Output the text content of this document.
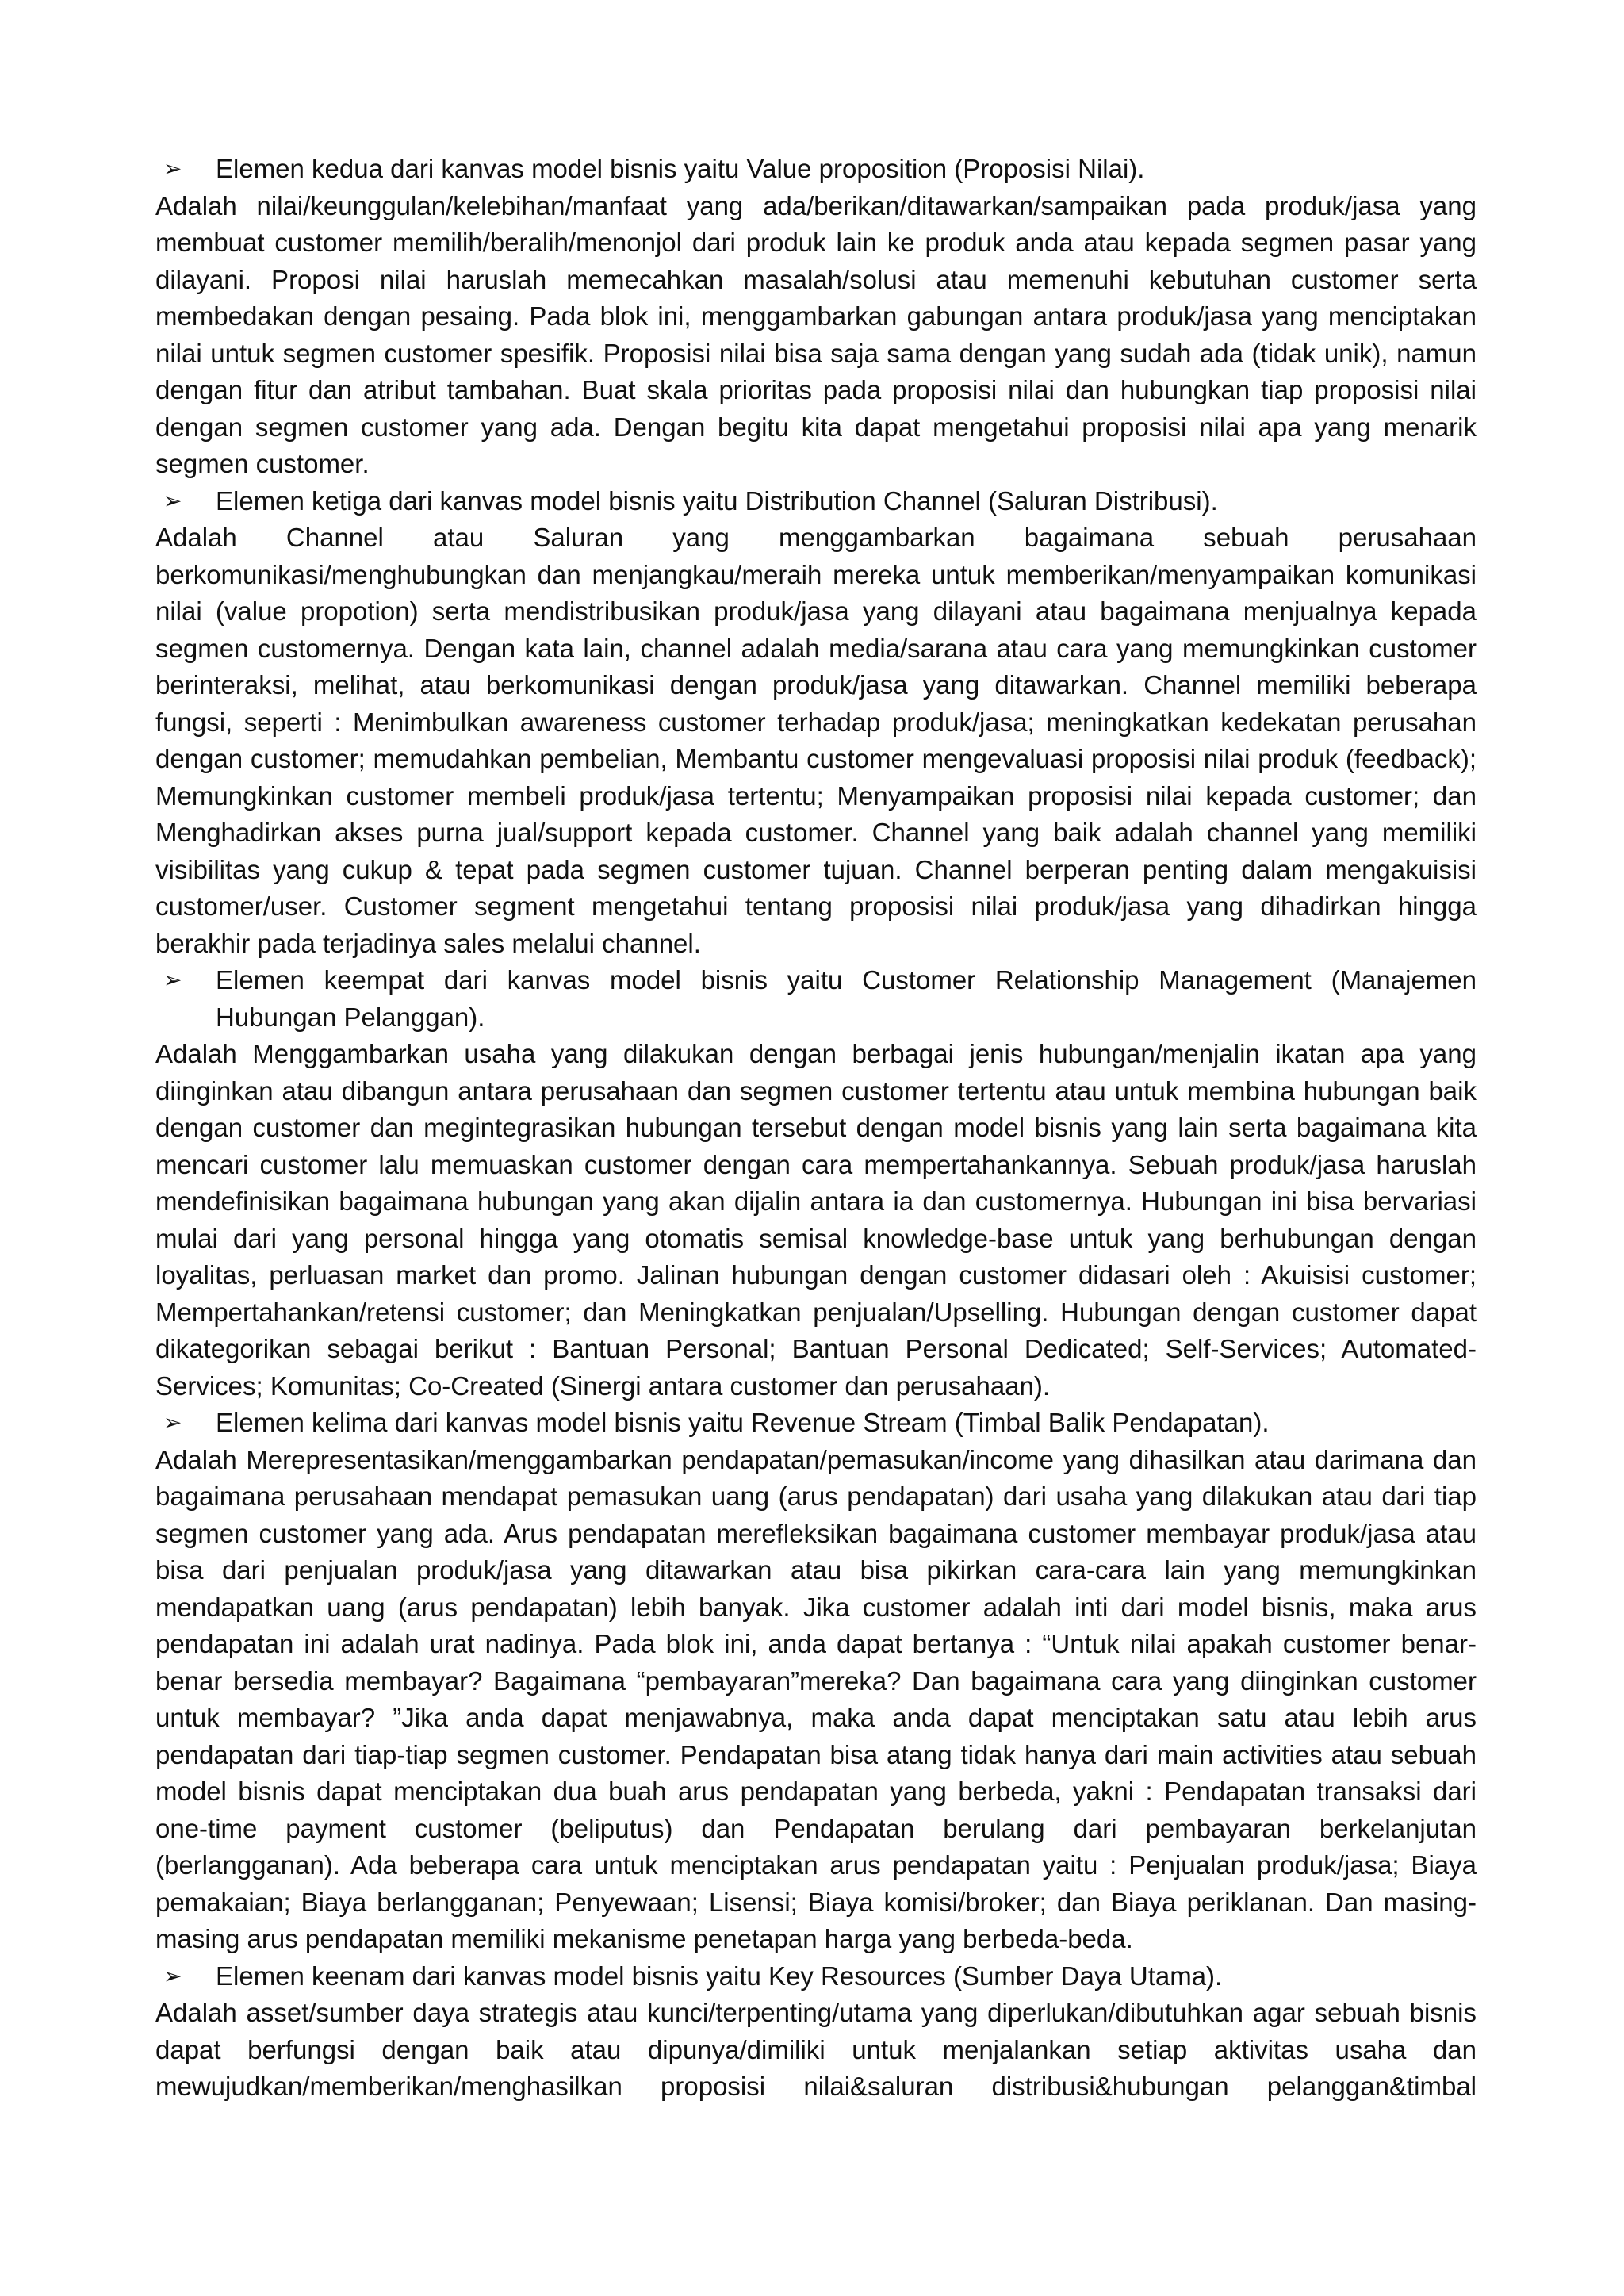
➢ Elemen kedua dari kanvas model bisnis yaitu Value proposition (Proposisi Nilai).

Adalah nilai/keunggulan/kelebihan/manfaat yang ada/berikan/ditawarkan/sampaikan pada produk/jasa yang membuat customer memilih/beralih/menonjol dari produk lain ke produk anda atau kepada segmen pasar yang dilayani. Proposi nilai haruslah memecahkan masalah/solusi atau memenuhi kebutuhan customer serta membedakan dengan pesaing. Pada blok ini, menggambarkan gabungan antara produk/jasa yang menciptakan nilai untuk segmen customer spesifik. Proposisi nilai bisa saja sama dengan yang sudah ada (tidak unik), namun dengan fitur dan atribut tambahan. Buat skala prioritas pada proposisi nilai dan hubungkan tiap proposisi nilai dengan segmen customer yang ada. Dengan begitu kita dapat mengetahui proposisi nilai apa yang menarik segmen customer.

➢ Elemen ketiga dari kanvas model bisnis yaitu Distribution Channel (Saluran Distribusi).

Adalah Channel atau Saluran yang menggambarkan bagaimana sebuah perusahaan berkomunikasi/menghubungkan dan menjangkau/meraih mereka untuk memberikan/menyampaikan komunikasi nilai (value propotion) serta mendistribusikan produk/jasa yang dilayani atau bagaimana menjualnya kepada segmen customernya. Dengan kata lain, channel adalah media/sarana atau cara yang memungkinkan customer berinteraksi, melihat, atau berkomunikasi dengan produk/jasa yang ditawarkan. Channel memiliki beberapa fungsi, seperti : Menimbulkan awareness customer terhadap produk/jasa; meningkatkan kedekatan perusahan dengan customer; memudahkan pembelian, Membantu customer mengevaluasi proposisi nilai produk (feedback); Memungkinkan customer membeli produk/jasa tertentu; Menyampaikan proposisi nilai kepada customer; dan Menghadirkan akses purna jual/support kepada customer. Channel yang baik adalah channel yang memiliki visibilitas yang cukup & tepat pada segmen customer tujuan. Channel berperan penting dalam mengakuisisi customer/user. Customer segment mengetahui tentang proposisi nilai produk/jasa yang dihadirkan hingga berakhir pada terjadinya sales melalui channel.

➢ Elemen keempat dari kanvas model bisnis yaitu Customer Relationship Management (Manajemen Hubungan Pelanggan).

Adalah Menggambarkan usaha yang dilakukan dengan berbagai jenis hubungan/menjalin ikatan apa yang diinginkan atau dibangun antara perusahaan dan segmen customer tertentu atau untuk membina hubungan baik dengan customer dan megintegrasikan hubungan tersebut dengan model bisnis yang lain serta bagaimana kita mencari customer lalu memuaskan customer dengan cara mempertahankannya. Sebuah produk/jasa haruslah mendefinisikan bagaimana hubungan yang akan dijalin antara ia dan customernya. Hubungan ini bisa bervariasi mulai dari yang personal hingga yang otomatis semisal knowledge-base untuk yang berhubungan dengan loyalitas, perluasan market dan promo. Jalinan hubungan dengan customer didasari oleh : Akuisisi customer; Mempertahankan/retensi customer; dan Meningkatkan penjualan/Upselling. Hubungan dengan customer dapat dikategorikan sebagai berikut : Bantuan Personal; Bantuan Personal Dedicated; Self-Services; Automated-Services; Komunitas; Co-Created (Sinergi antara customer dan perusahaan).

➢ Elemen kelima dari kanvas model bisnis yaitu Revenue Stream (Timbal Balik Pendapatan).

Adalah Merepresentasikan/menggambarkan pendapatan/pemasukan/income yang dihasilkan atau darimana dan bagaimana perusahaan mendapat pemasukan uang (arus pendapatan) dari usaha yang dilakukan atau dari tiap segmen customer yang ada. Arus pendapatan merefleksikan bagaimana customer membayar produk/jasa atau bisa dari penjualan produk/jasa yang ditawarkan atau bisa pikirkan cara-cara lain yang memungkinkan mendapatkan uang (arus pendapatan) lebih banyak. Jika customer adalah inti dari model bisnis, maka arus pendapatan ini adalah urat nadinya. Pada blok ini, anda dapat bertanya : “Untuk nilai apakah customer benar-benar bersedia membayar? Bagaimana “pembayaran”mereka? Dan bagaimana cara yang diinginkan customer untuk membayar? ”Jika anda dapat menjawabnya, maka anda dapat menciptakan satu atau lebih arus pendapatan dari tiap-tiap segmen customer. Pendapatan bisa atang tidak hanya dari main activities atau sebuah model bisnis dapat menciptakan dua buah arus pendapatan yang berbeda, yakni : Pendapatan transaksi dari one-time payment customer (beliputus) dan Pendapatan berulang dari pembayaran berkelanjutan (berlangganan). Ada beberapa cara untuk menciptakan arus pendapatan yaitu : Penjualan produk/jasa; Biaya pemakaian; Biaya berlangganan; Penyewaan; Lisensi; Biaya komisi/broker; dan Biaya periklanan. Dan masing-masing arus pendapatan memiliki mekanisme penetapan harga yang berbeda-beda.

➢ Elemen keenam dari kanvas model bisnis yaitu Key Resources (Sumber Daya Utama).

Adalah asset/sumber daya strategis atau kunci/terpenting/utama yang diperlukan/dibutuhkan agar sebuah bisnis dapat berfungsi dengan baik atau dipunya/dimiliki untuk menjalankan setiap aktivitas usaha dan mewujudkan/memberikan/menghasilkan proposisi nilai&saluran distribusi&hubungan pelanggan&timbal
